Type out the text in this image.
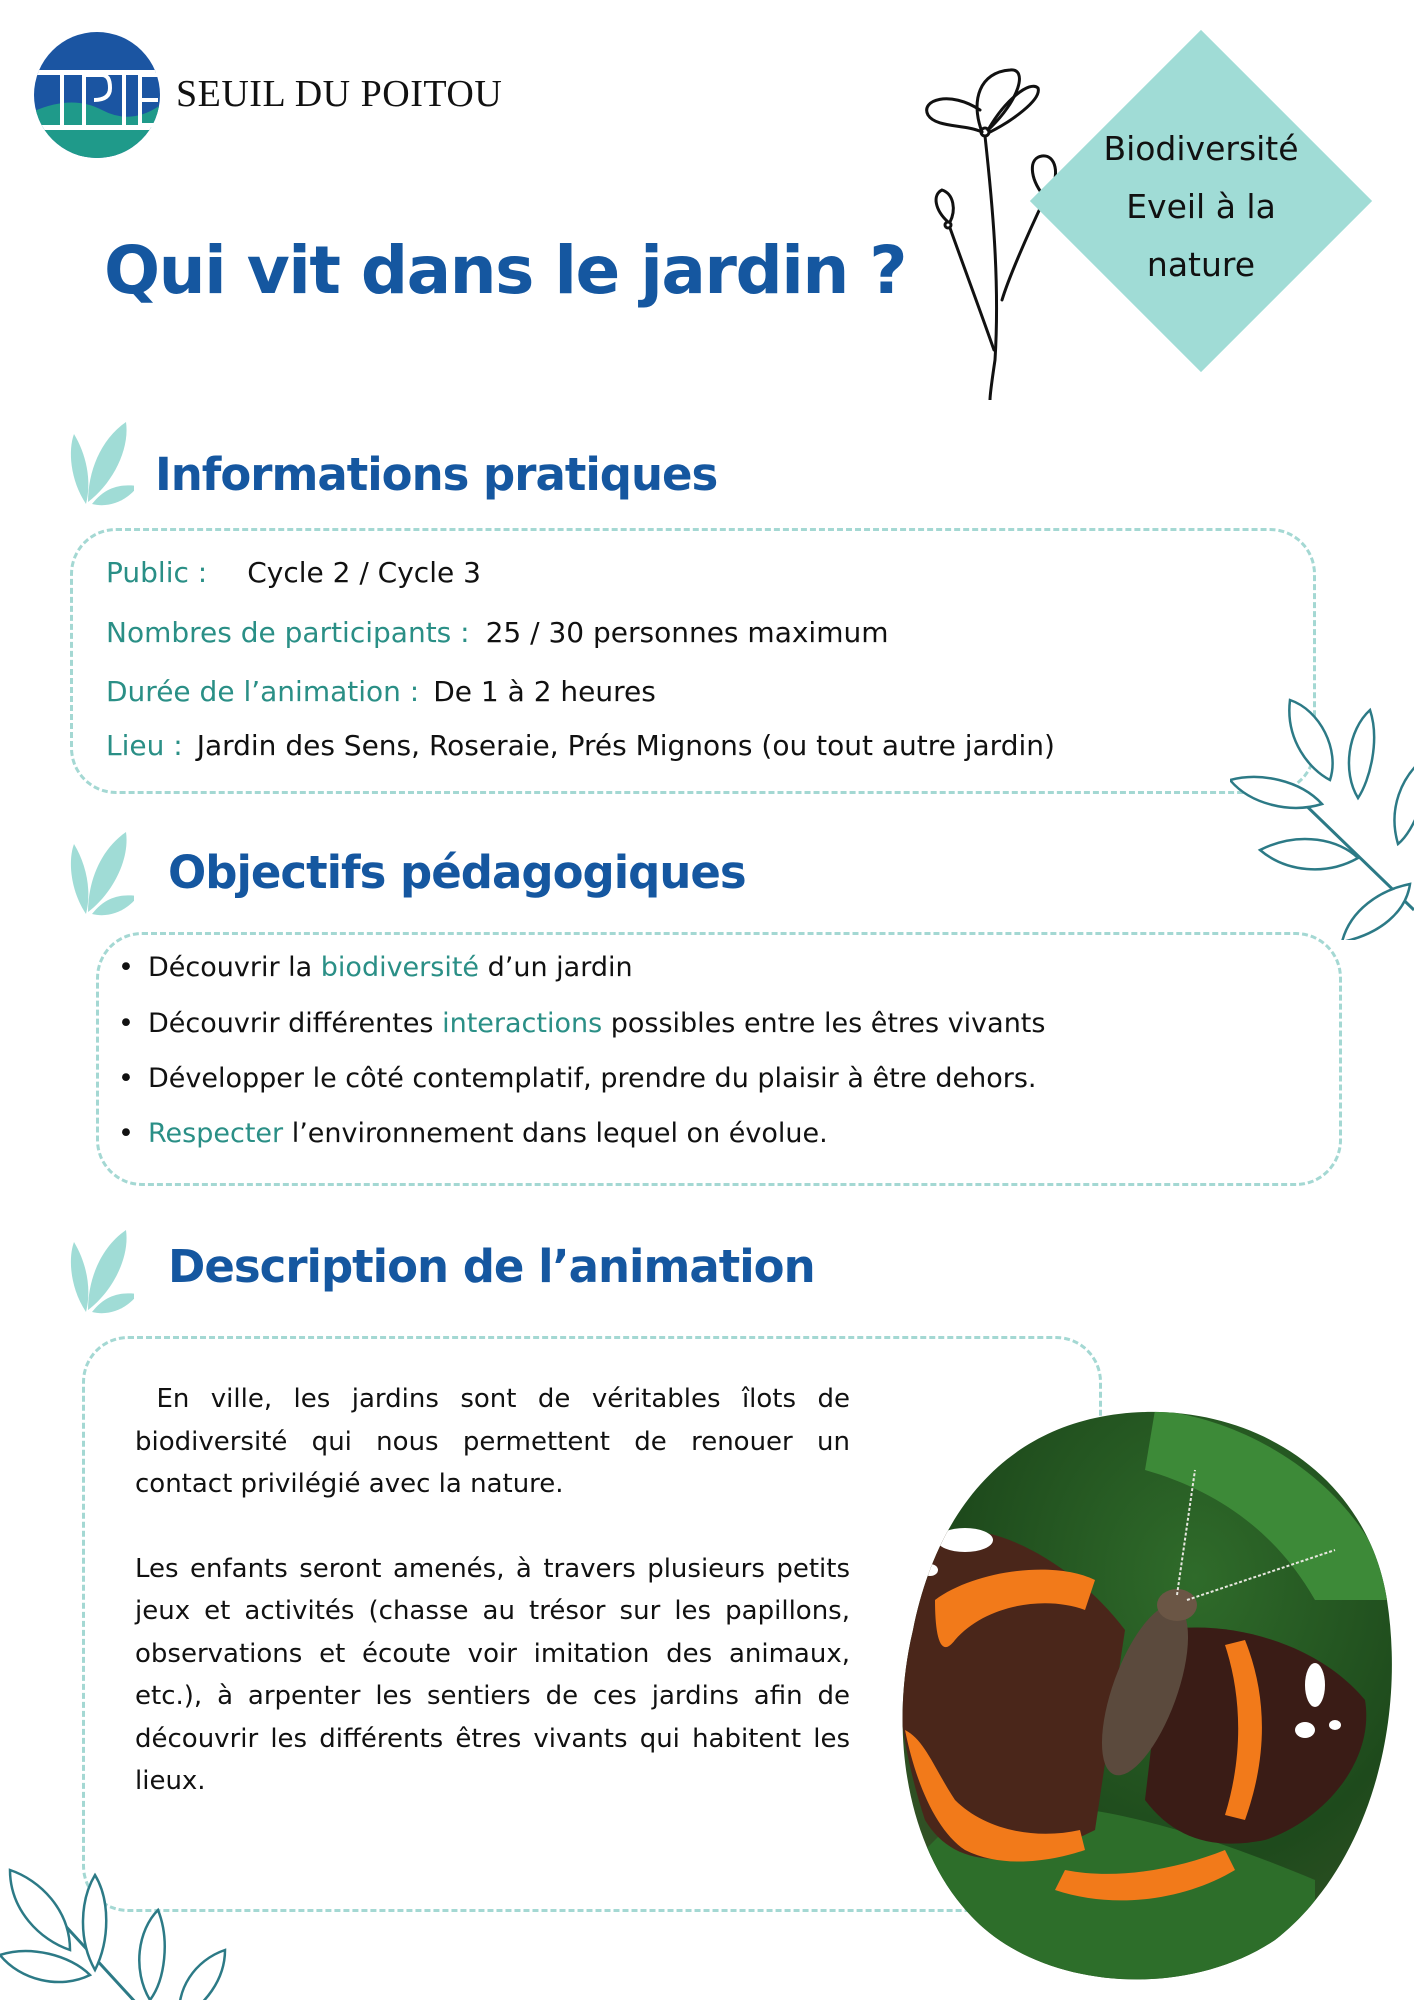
SEUIL DU POITOU
Biodiversité
Eveil à la
nature
Qui vit dans le jardin ?
Informations pratiques
Public : Cycle 2 / Cycle 3
Nombres de participants : 25 / 30 personnes maximum
Durée de l’animation : De 1 à 2 heures
Lieu : Jardin des Sens, Roseraie, Prés Mignons (ou tout autre jardin)
Objectifs pédagogiques
• Découvrir la biodiversité d’un jardin
• Découvrir différentes interactions possibles entre les êtres vivants
• Développer le côté contemplatif, prendre du plaisir à être dehors.
• Respecter l’environnement dans lequel on évolue.
Description de l’animation

En ville, les jardins sont de véritables îlots de biodiversité qui nous permettent de renouer un contact privilégié avec la nature.

Les enfants seront amenés, à travers plusieurs petits jeux et activités (chasse au trésor sur les papillons, observations et écoute voir imitation des animaux, etc.), à arpenter les sentiers de ces jardins afin de découvrir les différents êtres vivants qui habitent les lieux.
